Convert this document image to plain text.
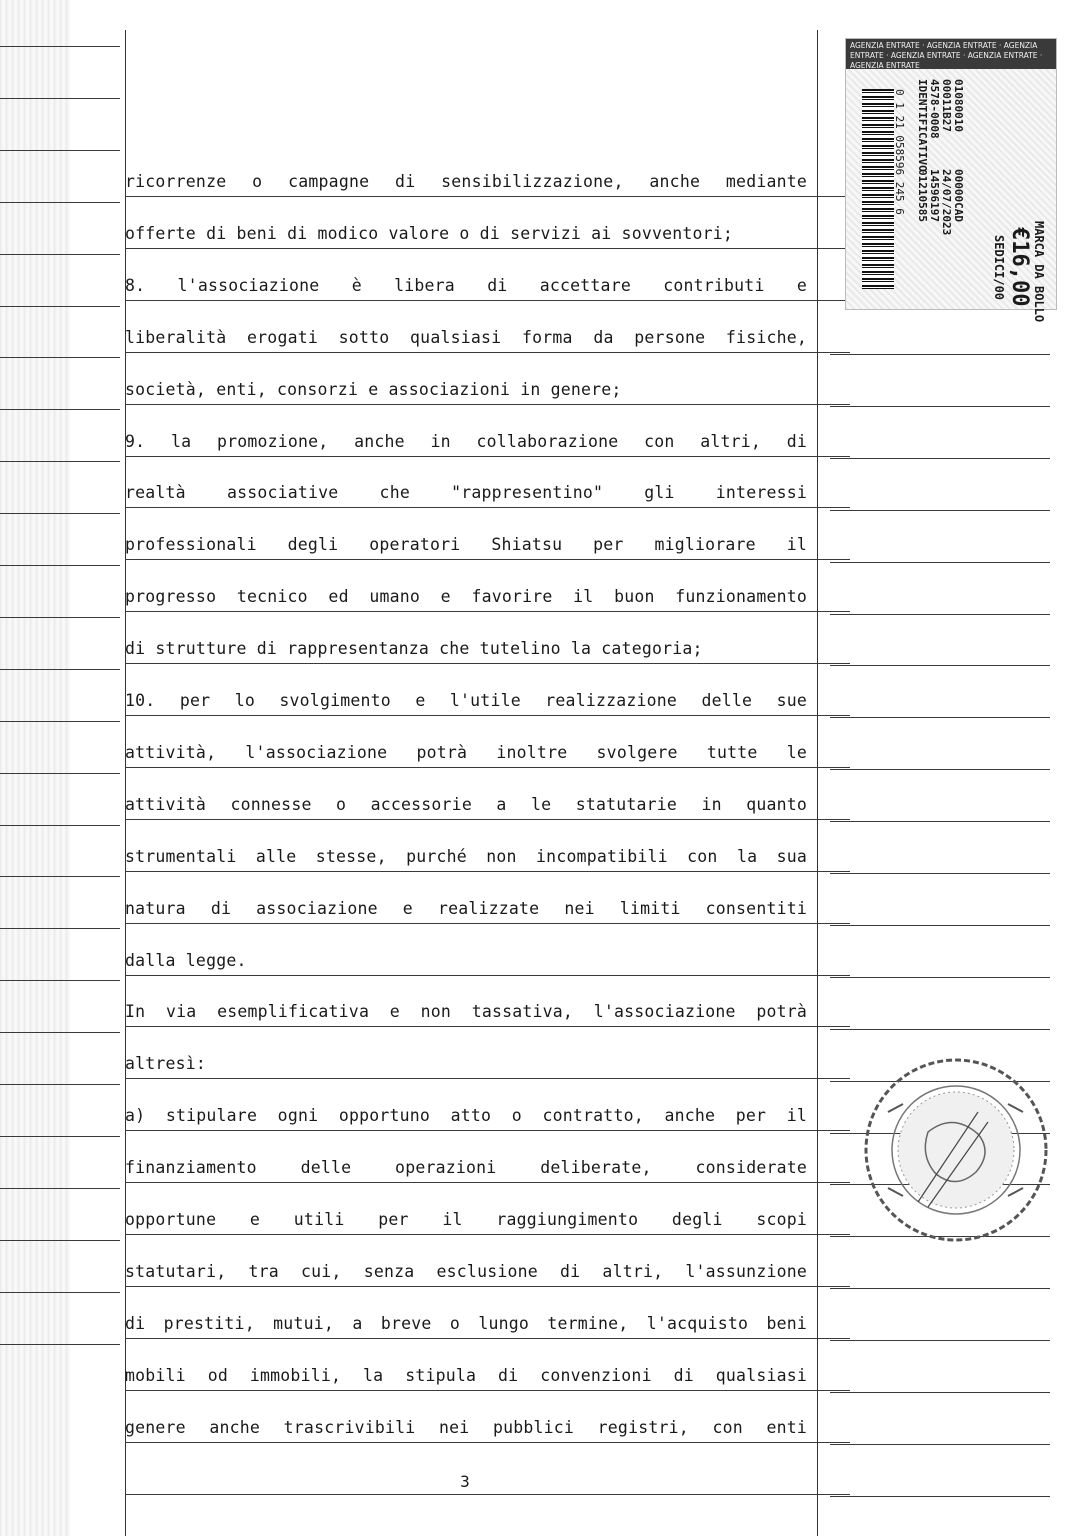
ricorrenze o campagne di sensibilizzazione, anche mediante
offerte di beni di modico valore o di servizi ai sovventori;
8. l'associazione è libera di accettare contributi e
liberalità erogati sotto qualsiasi forma da persone fisiche,
società, enti, consorzi e associazioni in genere;
9. la promozione, anche in collaborazione con altri, di
realtà associative che "rappresentino" gli interessi
professionali degli operatori Shiatsu per migliorare il
progresso tecnico ed umano e favorire il buon funzionamento
di strutture di rappresentanza che tutelino la categoria;
10. per lo svolgimento e l'utile realizzazione delle sue
attività, l'associazione potrà inoltre svolgere tutte le
attività connesse o accessorie a le statutarie in quanto
strumentali alle stesse, purché non incompatibili con la sua
natura di associazione e realizzate nei limiti consentiti
dalla legge.
In via esemplificativa e non tassativa, l'associazione potrà
altresì:
a) stipulare ogni opportuno atto o contratto, anche per il
finanziamento delle operazioni deliberate, considerate
opportune e utili per il raggiungimento degli scopi
statutari, tra cui, senza esclusione di altri, l'assunzione
di prestiti, mutui, a breve o lungo termine, l'acquisto beni
mobili od immobili, la stipula di convenzioni di qualsiasi
genere anche trascrivibili nei pubblici registri, con enti
3
AGENZIA ENTRATE · AGENZIA ENTRATE · AGENZIA ENTRATE · AGENZIA ENTRATE · AGENZIA ENTRATE · AGENZIA ENTRATE
0 1 21 058596 245 6	01080010
00011B27
4578-0008
IDENTIFICATIVO
00000CAD
24/07/2023
14596197
01210585
MARCA DA BOLLO
€16,00
SEDICI/00
